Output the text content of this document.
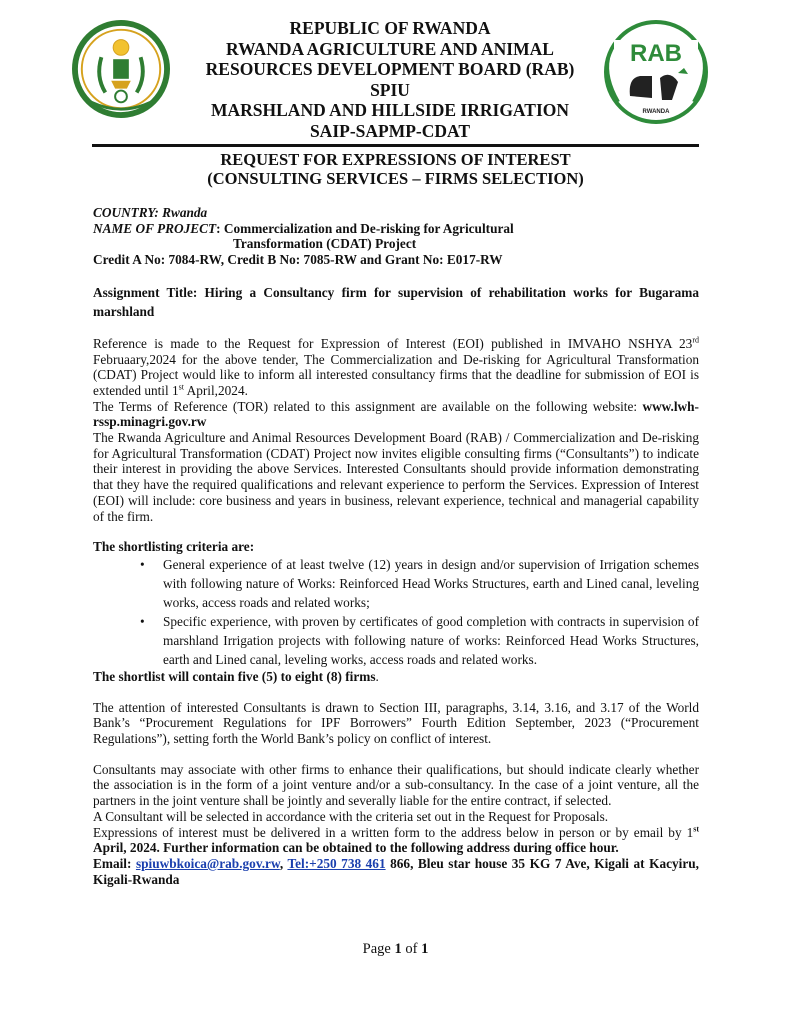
REPUBLIC OF RWANDA
RWANDA AGRICULTURE AND ANIMAL
RESOURCES DEVELOPMENT BOARD (RAB)
SPIU
MARSHLAND AND HILLSIDE IRRIGATION
SAIP-SAPMP-CDAT
RAB
RWANDA
REQUEST FOR EXPRESSIONS OF INTEREST
(CONSULTING SERVICES – FIRMS SELECTION)

COUNTRY: Rwanda

NAME OF PROJECT: Commercialization and De-risking for Agricultural

Transformation (CDAT) Project

Credit A No: 7084-RW, Credit B No: 7085-RW and Grant No: E017-RW

Assignment Title: Hiring a Consultancy firm for supervision of rehabilitation works for Bugarama marshland

Reference is made to the Request for Expression of Interest (EOI) published in IMVAHO NSHYA 23rd Februaary,2024 for the above tender, The Commercialization and De-risking for Agricultural Transformation (CDAT) Project would like to inform all interested consultancy firms that the deadline for submission of EOI is extended until 1st April,2024.

The Terms of Reference (TOR) related to this assignment are available on the following website: www.lwh-rssp.minagri.gov.rw

The Rwanda Agriculture and Animal Resources Development Board (RAB) / Commercialization and De-risking for Agricultural Transformation (CDAT) Project now invites eligible consulting firms (“Consultants”) to indicate their interest in providing the above Services. Interested Consultants should provide information demonstrating that they have the required qualifications and relevant experience to perform the Services. Expression of Interest (EOI) will include: core business and years in business, relevant experience, technical and managerial capability of the firm.

The shortlisting criteria are:

• General experience of at least twelve (12) years in design and/or supervision of Irrigation schemes with following nature of Works: Reinforced Head Works Structures, earth and Lined canal, leveling works, access roads and related works;
• Specific experience, with proven by certificates of good completion with contracts in supervision of marshland Irrigation projects with following nature of works: Reinforced Head Works Structures, earth and Lined canal, leveling works, access roads and related works.

The shortlist will contain five (5) to eight (8) firms.

The attention of interested Consultants is drawn to Section III, paragraphs, 3.14, 3.16, and 3.17 of the World Bank’s “Procurement Regulations for IPF Borrowers” Fourth Edition September, 2023 (“Procurement Regulations”), setting forth the World Bank’s policy on conflict of interest.

Consultants may associate with other firms to enhance their qualifications, but should indicate clearly whether the association is in the form of a joint venture and/or a sub-consultancy. In the case of a joint venture, all the partners in the joint venture shall be jointly and severally liable for the entire contract, if selected.

A Consultant will be selected in accordance with the criteria set out in the Request for Proposals.

Expressions of interest must be delivered in a written form to the address below in person or by email by 1st April, 2024. Further information can be obtained to the following address during office hour.

Email: spiuwbkoica@rab.gov.rw, Tel:+250 738 461 866, Bleu star house 35 KG 7 Ave, Kigali at Kacyiru, Kigali-Rwanda

Page 1 of 1
